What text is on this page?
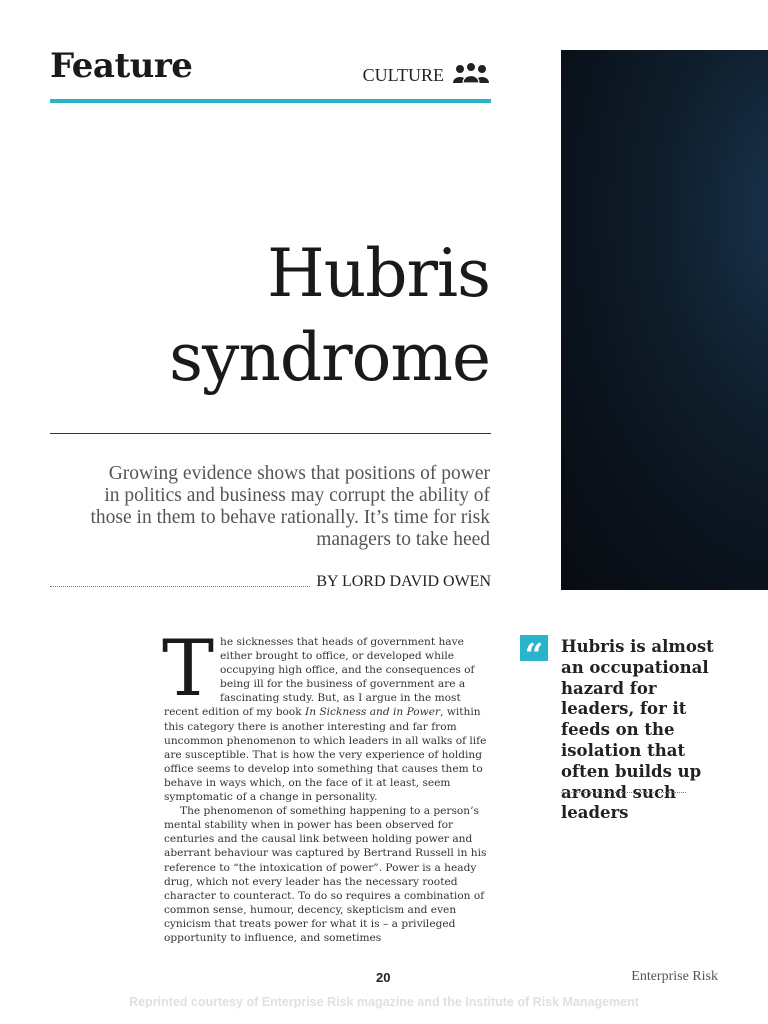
Feature	CULTURE
Hubris
syndrome
Growing evidence shows that positions of power in politics and business may corrupt the ability of those in them to behave rationally. It’s time for risk managers to take heed
BY LORD DAVID OWEN

The sicknesses that heads of government have either brought to office, or developed while occupying high office, and the consequences of being ill for the business of government are a fascinating study. But, as I argue in the most recent edition of my book In Sickness and in Power, within this category there is another interesting and far from uncommon phenomenon to which leaders in all walks of life are susceptible. That is how the very experience of holding office seems to develop into something that causes them to behave in ways which, on the face of it at least, seem symptomatic of a change in personality.

The phenomenon of something happening to a person’s mental stability when in power has been observed for centuries and the causal link between holding power and aberrant behaviour was captured by Bertrand Russell in his reference to “the intoxication of power”. Power is a heady drug, which not every leader has the necessary rooted character to counteract. To do so requires a combination of common sense, humour, decency, skepticism and even cynicism that treats power for what it is – a privileged opportunity to influence, and sometimes

“ Hubris is almost an occupational hazard for leaders, for it feeds on the isolation that often builds up around such leaders
20	Enterprise Risk
Reprinted courtesy of Enterprise Risk magazine and the Institute of Risk Management
